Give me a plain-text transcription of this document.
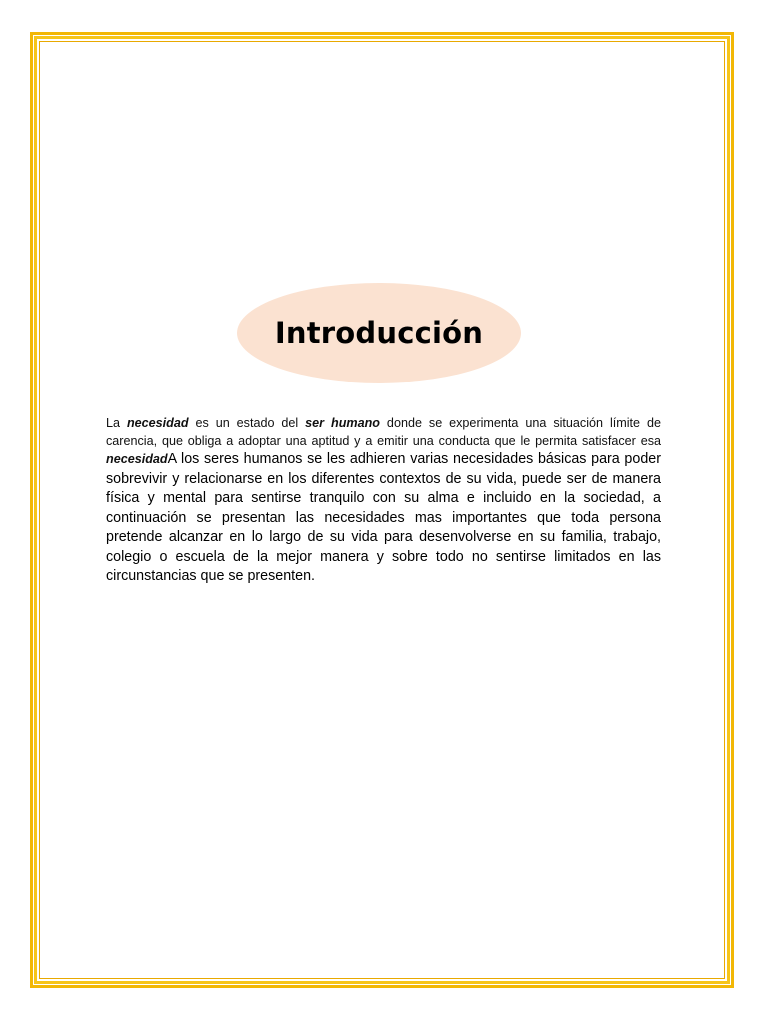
Introducción
La necesidad es un estado del ser humano donde se experimenta una situación límite de carencia, que obliga a adoptar una aptitud y a emitir una conducta que le permita satisfacer esa necesidadA los seres humanos se les adhieren varias necesidades básicas para poder sobrevivir y relacionarse en los diferentes contextos de su vida, puede ser de manera física y mental para sentirse tranquilo con su alma e incluido en la sociedad, a continuación se presentan las necesidades mas importantes que toda persona pretende alcanzar en lo largo de su vida para desenvolverse en su familia, trabajo, colegio o escuela de la mejor manera y sobre todo no sentirse limitados en las circunstancias que se presenten.
